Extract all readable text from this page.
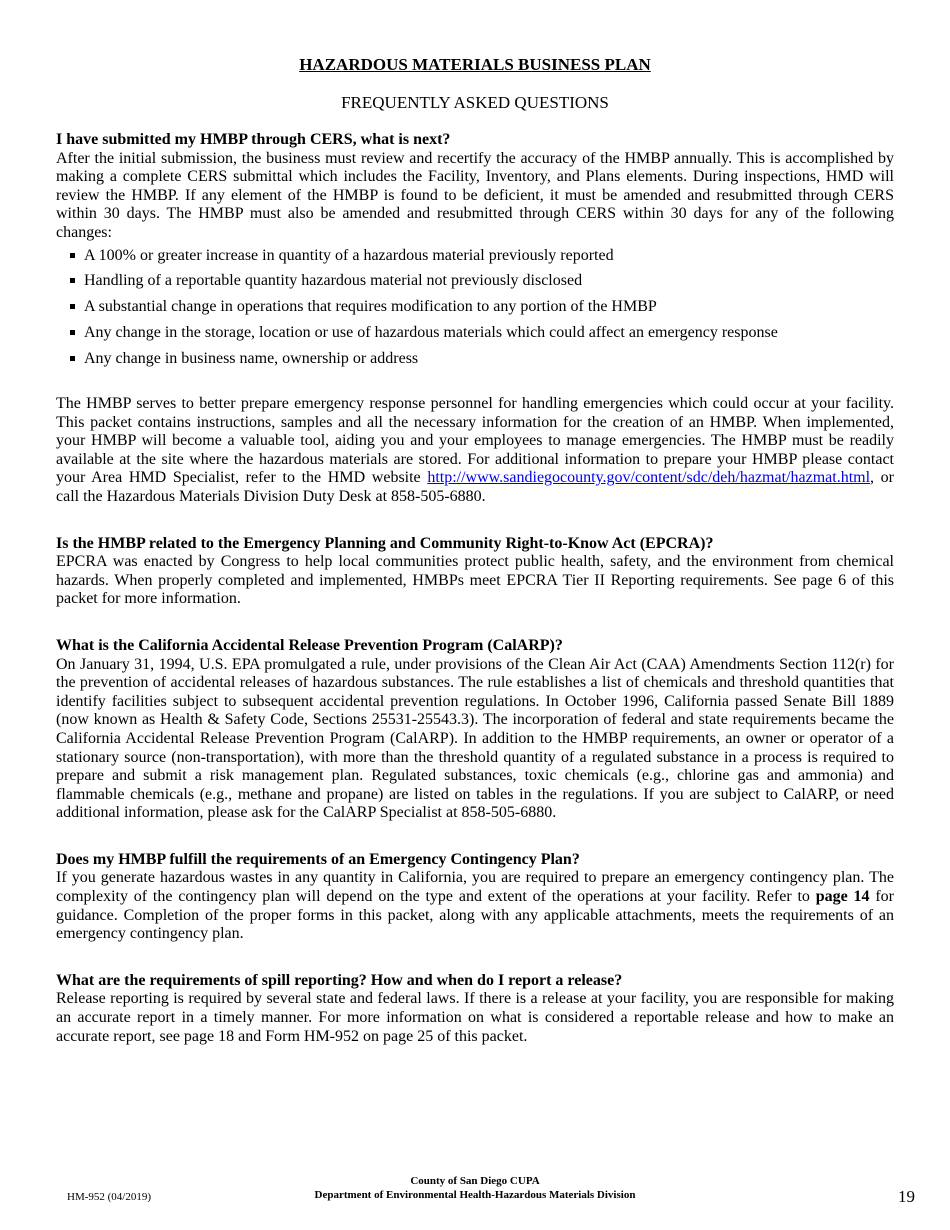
HAZARDOUS MATERIALS BUSINESS PLAN
FREQUENTLY ASKED QUESTIONS
I have submitted my HMBP through CERS, what is next?

After the initial submission, the business must review and recertify the accuracy of the HMBP annually. This is accomplished by making a complete CERS submittal which includes the Facility, Inventory, and Plans elements. During inspections, HMD will review the HMBP. If any element of the HMBP is found to be deficient, it must be amended and resubmitted through CERS within 30 days. The HMBP must also be amended and resubmitted through CERS within 30 days for any of the following changes:

A 100% or greater increase in quantity of a hazardous material previously reported
Handling of a reportable quantity hazardous material not previously disclosed
A substantial change in operations that requires modification to any portion of the HMBP
Any change in the storage, location or use of hazardous materials which could affect an emergency response
Any change in business name, ownership or address

The HMBP serves to better prepare emergency response personnel for handling emergencies which could occur at your facility. This packet contains instructions, samples and all the necessary information for the creation of an HMBP. When implemented, your HMBP will become a valuable tool, aiding you and your employees to manage emergencies. The HMBP must be readily available at the site where the hazardous materials are stored. For additional information to prepare your HMBP please contact your Area HMD Specialist, refer to the HMD website http://www.sandiegocounty.gov/content/sdc/deh/hazmat/hazmat.html, or call the Hazardous Materials Division Duty Desk at 858-505-6880.

Is the HMBP related to the Emergency Planning and Community Right-to-Know Act (EPCRA)?

EPCRA was enacted by Congress to help local communities protect public health, safety, and the environment from chemical hazards. When properly completed and implemented, HMBPs meet EPCRA Tier II Reporting requirements. See page 6 of this packet for more information.

What is the California Accidental Release Prevention Program (CalARP)?

On January 31, 1994, U.S. EPA promulgated a rule, under provisions of the Clean Air Act (CAA) Amendments Section 112(r) for the prevention of accidental releases of hazardous substances. The rule establishes a list of chemicals and threshold quantities that identify facilities subject to subsequent accidental prevention regulations. In October 1996, California passed Senate Bill 1889 (now known as Health & Safety Code, Sections 25531-25543.3). The incorporation of federal and state requirements became the California Accidental Release Prevention Program (CalARP). In addition to the HMBP requirements, an owner or operator of a stationary source (non-transportation), with more than the threshold quantity of a regulated substance in a process is required to prepare and submit a risk management plan. Regulated substances, toxic chemicals (e.g., chlorine gas and ammonia) and flammable chemicals (e.g., methane and propane) are listed on tables in the regulations. If you are subject to CalARP, or need additional information, please ask for the CalARP Specialist at 858-505-6880.

Does my HMBP fulfill the requirements of an Emergency Contingency Plan?

If you generate hazardous wastes in any quantity in California, you are required to prepare an emergency contingency plan. The complexity of the contingency plan will depend on the type and extent of the operations at your facility. Refer to page 14 for guidance. Completion of the proper forms in this packet, along with any applicable attachments, meets the requirements of an emergency contingency plan.

What are the requirements of spill reporting? How and when do I report a release?

Release reporting is required by several state and federal laws. If there is a release at your facility, you are responsible for making an accurate report in a timely manner. For more information on what is considered a reportable release and how to make an accurate report, see page 18 and Form HM-952 on page 25 of this packet.

HM-952 (04/2019)
County of San Diego CUPA
Department of Environmental Health-Hazardous Materials Division	19
